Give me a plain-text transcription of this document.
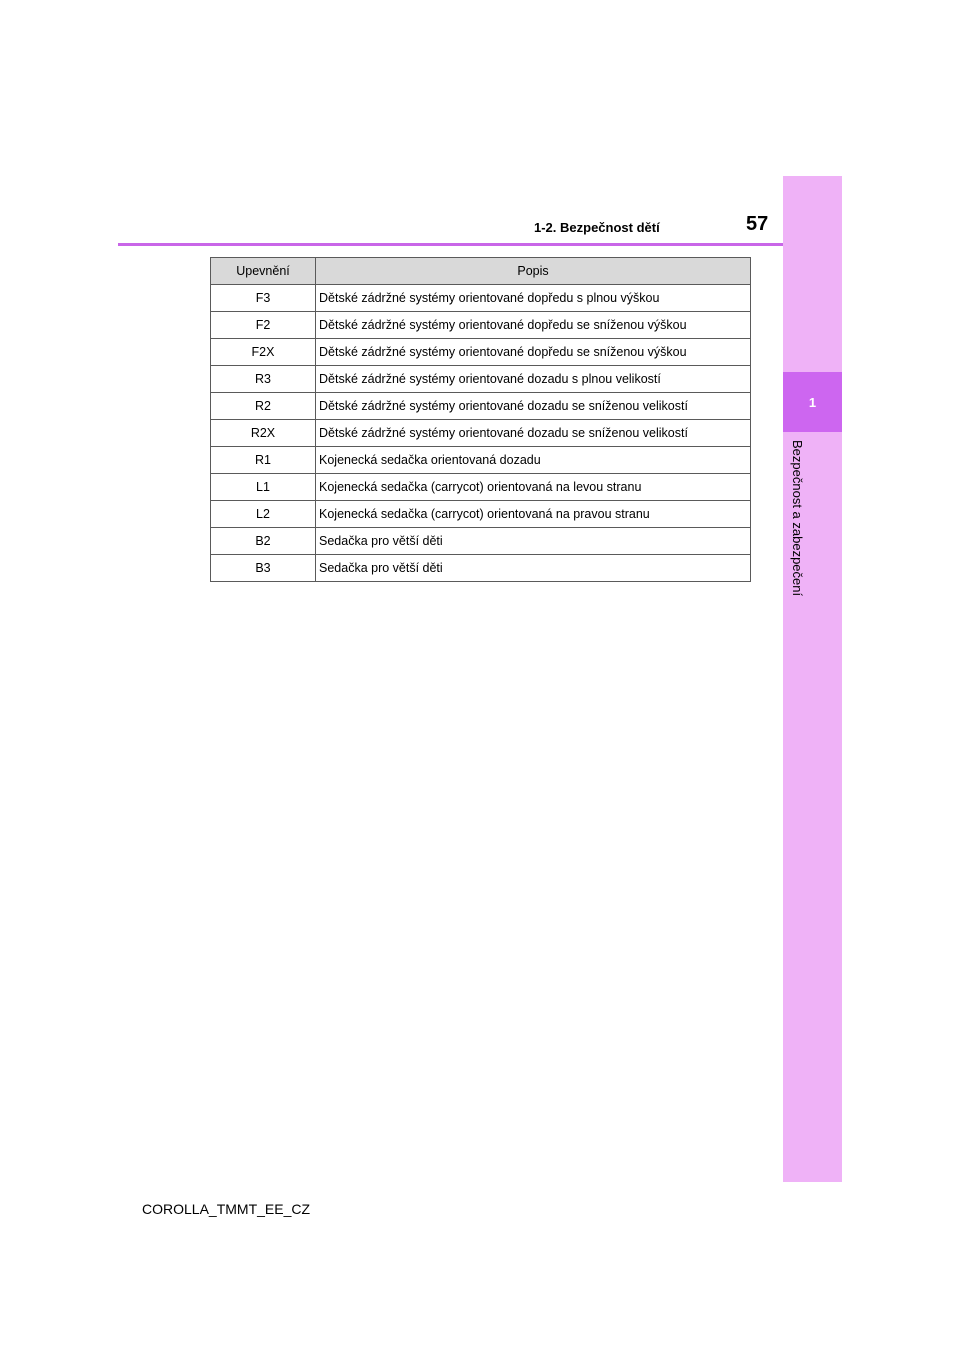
1
Bezpečnost a zabezpečení
1-2. Bezpečnost dětí	57
Upevnění	Popis
F3	Dětské zádržné systémy orientované dopředu s plnou výškou
F2	Dětské zádržné systémy orientované dopředu se sníženou výškou
F2X	Dětské zádržné systémy orientované dopředu se sníženou výškou
R3	Dětské zádržné systémy orientované dozadu s plnou velikostí
R2	Dětské zádržné systémy orientované dozadu se sníženou velikostí
R2X	Dětské zádržné systémy orientované dozadu se sníženou velikostí
R1	Kojenecká sedačka orientovaná dozadu
L1	Kojenecká sedačka (carrycot) orientovaná na levou stranu
L2	Kojenecká sedačka (carrycot) orientovaná na pravou stranu
B2	Sedačka pro větší děti
B3	Sedačka pro větší děti
COROLLA_TMMT_EE_CZ
